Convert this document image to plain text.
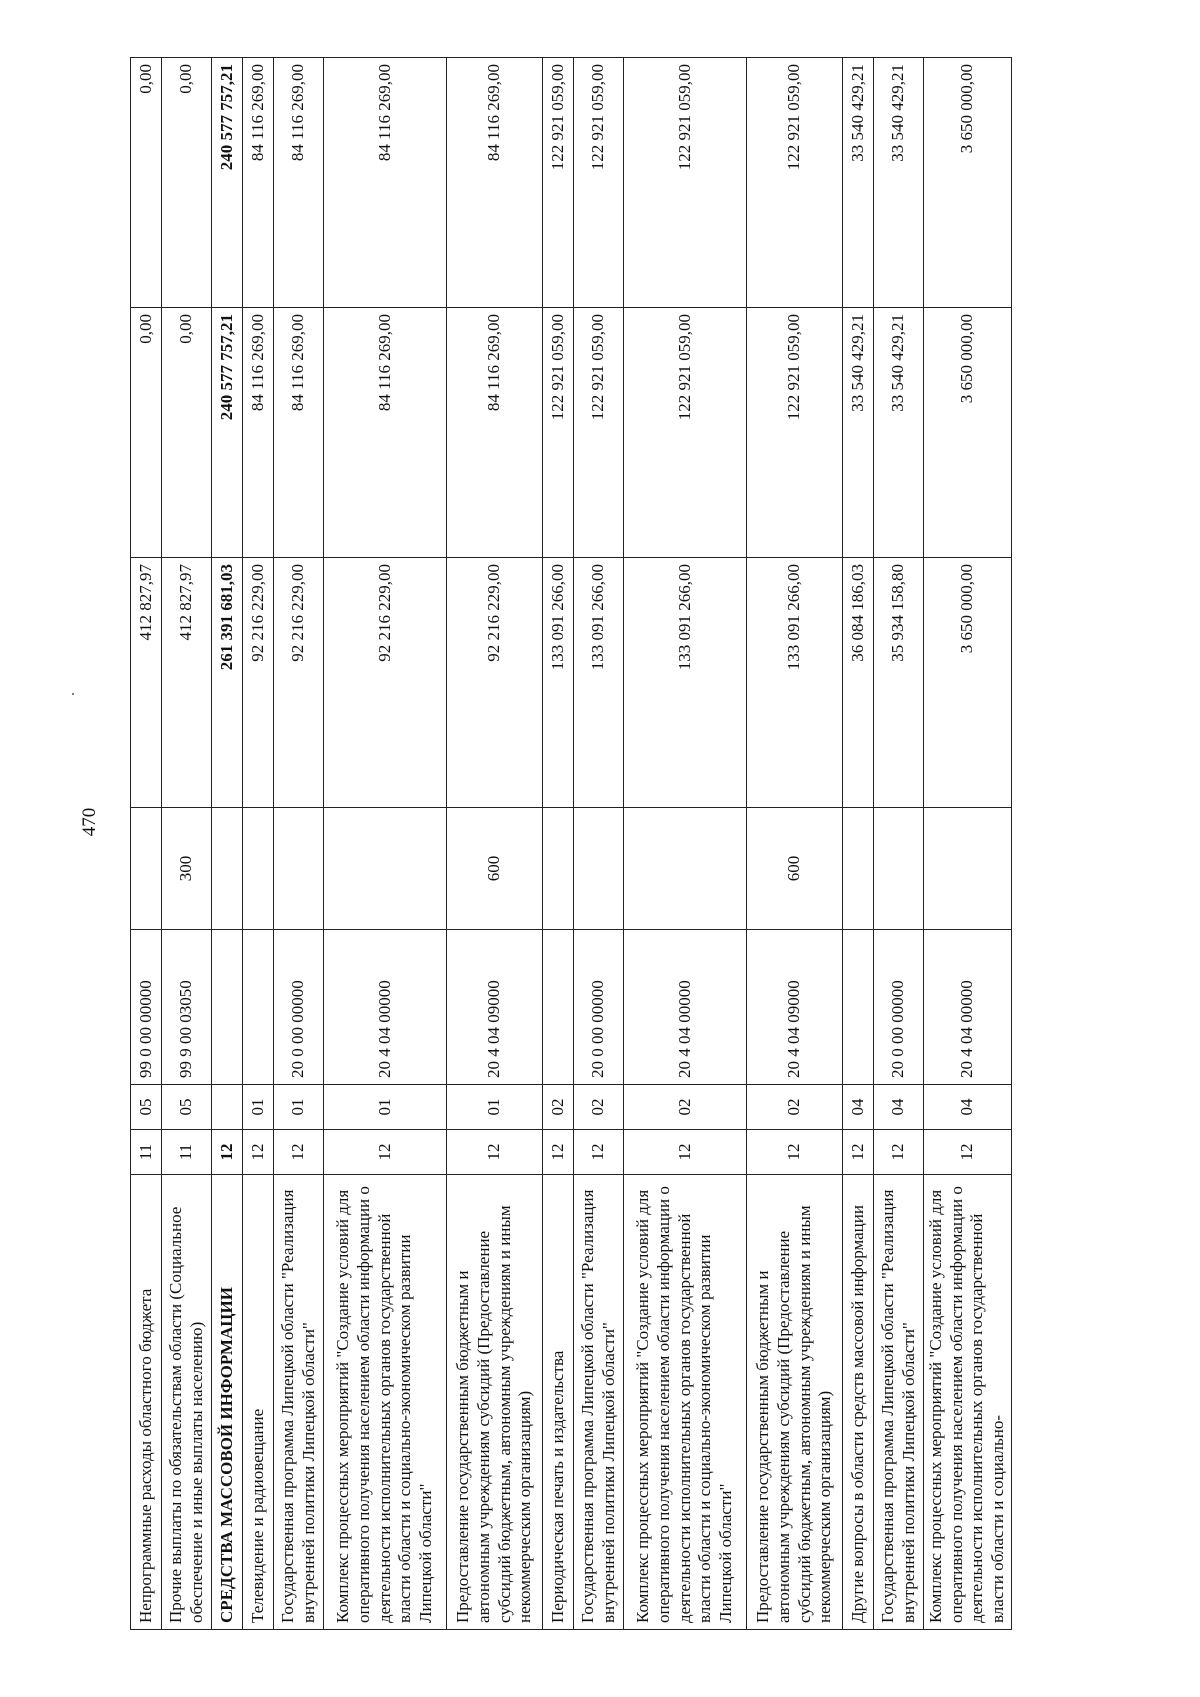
470
Непрограммные расходы областного бюджета	11	05	99 0 00 00000		412 827,97	0,00	0,00
Прочие выплаты по обязательствам области (Социальное обеспечение и иные выплаты населению)	11	05	99 9 00 03050	300	412 827,97	0,00	0,00
СРЕДСТВА МАССОВОЙ ИНФОРМАЦИИ	12				261 391 681,03	240 577 757,21	240 577 757,21
Телевидение и радиовещание	12	01			92 216 229,00	84 116 269,00	84 116 269,00
Государственная программа Липецкой области "Реализация внутренней политики Липецкой области"	12	01	20 0 00 00000		92 216 229,00	84 116 269,00	84 116 269,00
Комплекс процессных мероприятий "Создание условий для оперативного получения населением области информации о деятельности исполнительных органов государственной власти области и социально-экономическом развитии Липецкой области"	12	01	20 4 04 00000		92 216 229,00	84 116 269,00	84 116 269,00
Предоставление государственным бюджетным и автономным учреждениям субсидий (Предоставление субсидий бюджетным, автономным учреждениям и иным некоммерческим организациям)	12	01	20 4 04 09000	600	92 216 229,00	84 116 269,00	84 116 269,00
Периодическая печать и издательства	12	02			133 091 266,00	122 921 059,00	122 921 059,00
Государственная программа Липецкой области "Реализация внутренней политики Липецкой области"	12	02	20 0 00 00000		133 091 266,00	122 921 059,00	122 921 059,00
Комплекс процессных мероприятий "Создание условий для оперативного получения населением области информации о деятельности исполнительных органов государственной власти области и социально-экономическом развитии Липецкой области"	12	02	20 4 04 00000		133 091 266,00	122 921 059,00	122 921 059,00
Предоставление государственным бюджетным и автономным учреждениям субсидий (Предоставление субсидий бюджетным, автономным учреждениям и иным некоммерческим организациям)	12	02	20 4 04 09000	600	133 091 266,00	122 921 059,00	122 921 059,00
Другие вопросы в области средств массовой информации	12	04			36 084 186,03	33 540 429,21	33 540 429,21
Государственная программа Липецкой области "Реализация внутренней политики Липецкой области"	12	04	20 0 00 00000		35 934 158,80	33 540 429,21	33 540 429,21
Комплекс процессных мероприятий "Создание условий для оперативного получения населением области информации о деятельности исполнительных органов государственной власти области и социально-	12	04	20 4 04 00000		3 650 000,00	3 650 000,00	3 650 000,00
